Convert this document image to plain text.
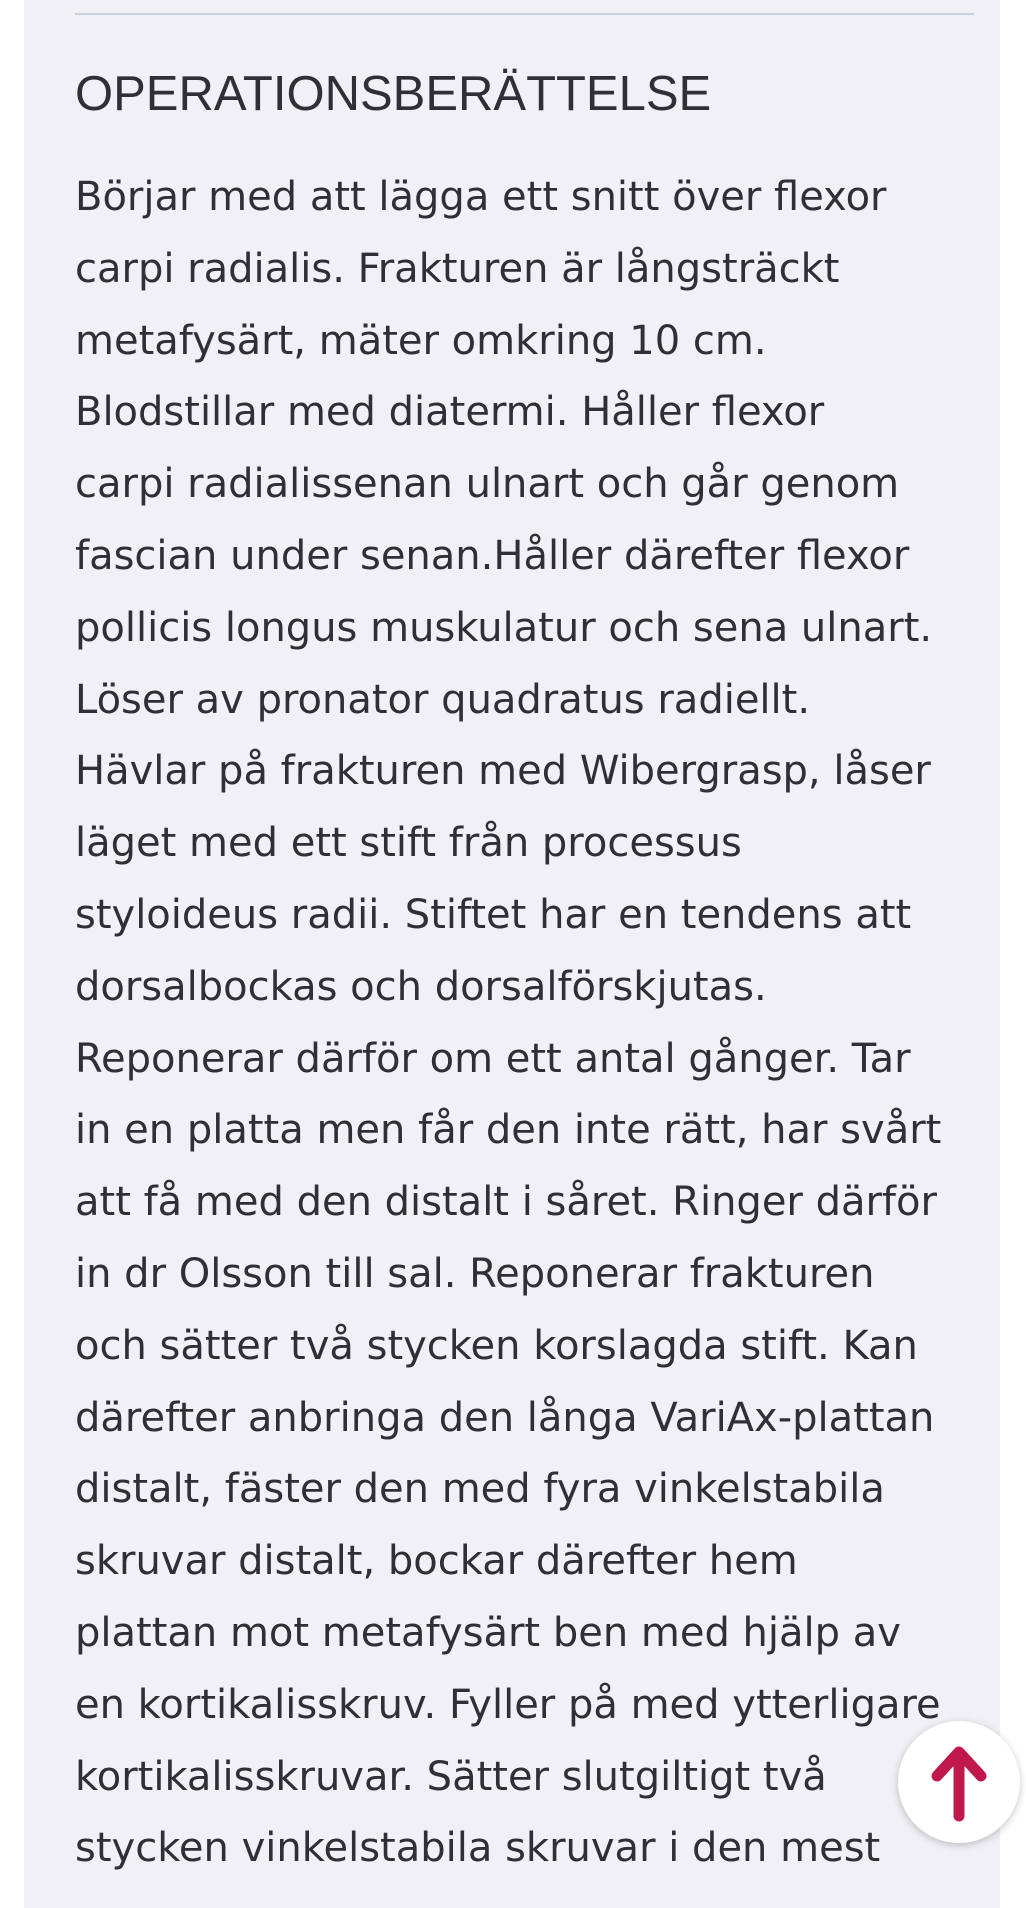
OPERATIONSBERÄTTELSE
Börjar med att lägga ett snitt över flexor
carpi radialis. Frakturen är långsträckt
metafysärt, mäter omkring 10 cm.
Blodstillar med diatermi. Håller flexor
carpi radialissenan ulnart och går genom
fascian under senan.Håller därefter flexor
pollicis longus muskulatur och sena ulnart.
Löser av pronator quadratus radiellt.
Hävlar på frakturen med Wibergrasp, låser
läget med ett stift från processus
styloideus radii. Stiftet har en tendens att
dorsalbockas och dorsalförskjutas.
Reponerar därför om ett antal gånger. Tar
in en platta men får den inte rätt, har svårt
att få med den distalt i såret. Ringer därför
in dr Olsson till sal. Reponerar frakturen
och sätter två stycken korslagda stift. Kan
därefter anbringa den långa VariAx-plattan
distalt, fäster den med fyra vinkelstabila
skruvar distalt, bockar därefter hem
plattan mot metafysärt ben med hjälp av
en kortikalisskruv. Fyller på med ytterligare
kortikalisskruvar. Sätter slutgiltigt två
stycken vinkelstabila skruvar i den mest
